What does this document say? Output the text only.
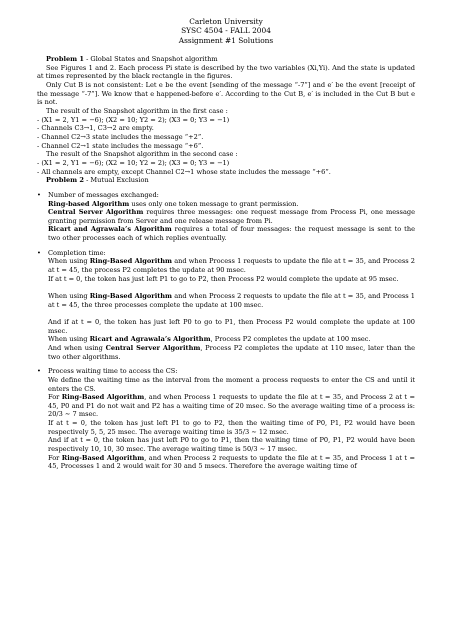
Carleton University
SYSC 4504 - FALL 2004
Assignment #1 Solutions

Problem 1 - Global States and Snapshot algorithm

See Figures 1 and 2. Each process Pi state is described by the two variables (Xi,Yi). And the state is updated at times represented by the black rectangle in the figures.

Only Cut B is not consistent: Let e be the event [sending of the message “-7”] and e′ be the event [receipt of the message “-7”]. We know that e happened-before e′. According to the Cut B, e′ is included in the Cut B but e is not.

The result of the Snapshot algorithm in the first case :

- (X1 = 2, Y1 = −6); (X2 = 10; Y2 = 2); (X3 = 0; Y3 = −1)

- Channels C3→1, C3→2 are empty.

- Channel C2→3 state includes the message “+2”.

- Channel C2→1 state includes the message “+6”.

The result of the Snapshot algorithm in the second case :

- (X1 = 2, Y1 = −6); (X2 = 10; Y2 = 2); (X3 = 0; Y3 = −1)

- All channels are empty, except Channel C2→1 whose state includes the message “+6”.

Problem 2 - Mutual Exclusion

• Number of messages exchanged:

Ring-based Algorithm uses only one token message to grant permission.

Central Server Algorithm requires three messages: one request message from Process Pi, one message granting permission from Server and one release message from Pi.

Ricart and Agrawala’s Algorithm requires a total of four messages: the request message is sent to the two other processes each of which replies eventually.

• Completion time:

When using Ring-Based Algorithm and when Process 1 requests to update the file at t = 35, and Process 2 at t = 45, the process P2 completes the update at 90 msec.

If at t = 0, the token has just left P1 to go to P2, then Process P2 would complete the update at 95 msec.

When using Ring-Based Algorithm and when Process 2 requests to update the file at t = 35, and Process 1 at t = 45, the three processes complete the update at 100 msec.

And if at t = 0, the token has just left P0 to go to P1, then Process P2 would complete the update at 100 msec.

When using Ricart and Agrawala’s Algorithm, Process P2 completes the update at 100 msec.

And when using Central Server Algorithm, Process P2 completes the update at 110 msec, later than the two other algorithms.

• Process waiting time to access the CS:

We define the waiting time as the interval from the moment a process requests to enter the CS and until it enters the CS.

For Ring-Based Algorithm, and when Process 1 requests to update the file at t = 35, and Process 2 at t = 45, P0 and P1 do not wait and P2 has a waiting time of 20 msec. So the average waiting time of a process is: 20/3 ∼ 7 msec.

If at t = 0, the token has just left P1 to go to P2, then the waiting time of P0, P1, P2 would have been respectively 5, 5, 25 msec. The average waiting time is 35/3 ∼ 12 msec.

And if at t = 0, the token has just left P0 to go to P1, then the waiting time of P0, P1, P2 would have been respectively 10, 10, 30 msec. The average waiting time is 50/3 ∼ 17 msec.

For Ring-Based Algorithm, and when Process 2 requests to update the file at t = 35, and Process 1 at t = 45, Processes 1 and 2 would wait for 30 and 5 msecs. Therefore the average waiting time of
